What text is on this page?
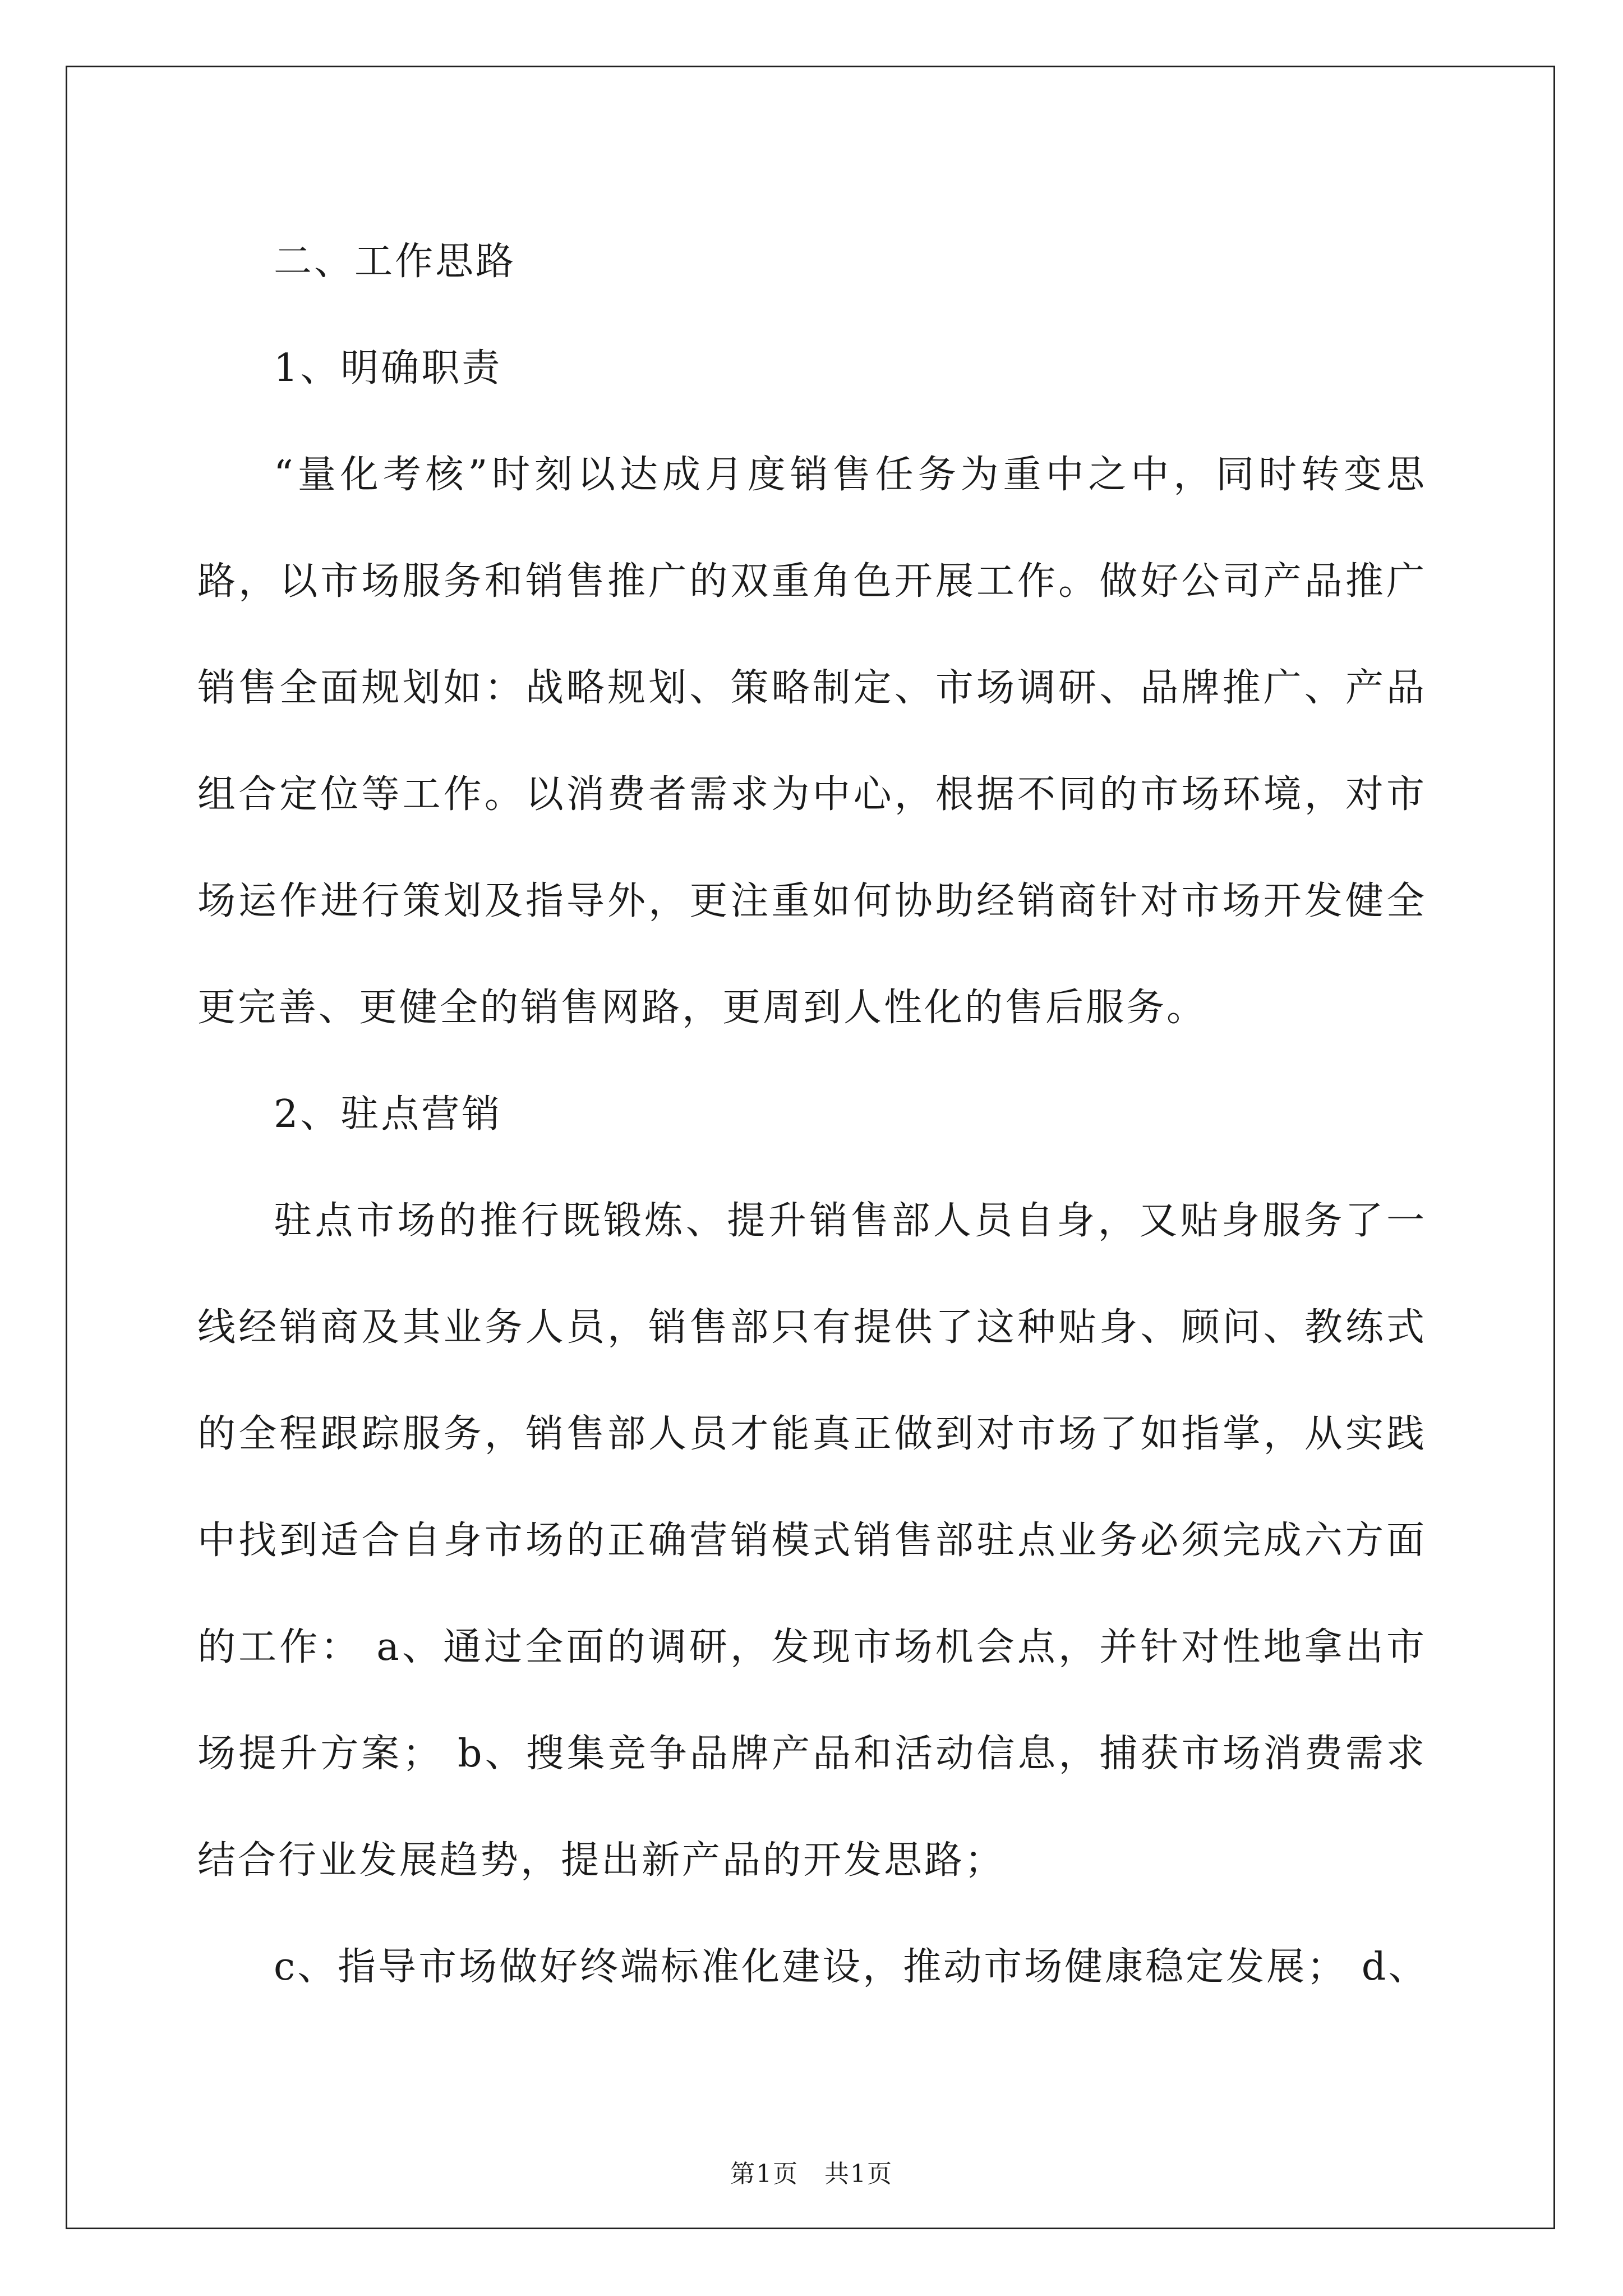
二、工作思路
1、明确职责
“量化考核”时刻以达成月度销售任务为重中之中，同时转变思
路，以市场服务和销售推广的双重角色开展工作。做好公司产品推广
销售全面规划如：战略规划、策略制定、市场调研、品牌推广、产品
组合定位等工作。以消费者需求为中心，根据不同的市场环境，对市
场运作进行策划及指导外，更注重如何协助经销商针对市场开发健全
更完善、更健全的销售网路，更周到人性化的售后服务。
2、驻点营销
驻点市场的推行既锻炼、提升销售部人员自身，又贴身服务了一
线经销商及其业务人员，销售部只有提供了这种贴身、顾问、教练式
的全程跟踪服务，销售部人员才能真正做到对市场了如指掌，从实践
中找到适合自身市场的正确营销模式销售部驻点业务必须完成六方面
的工作： a、通过全面的调研，发现市场机会点，并针对性地拿出市
场提升方案； b、搜集竞争品牌产品和活动信息，捕获市场消费需求
结合行业发展趋势，提出新产品的开发思路；
c、指导市场做好终端标准化建设，推动市场健康稳定发展； d、
第1页　共1页
